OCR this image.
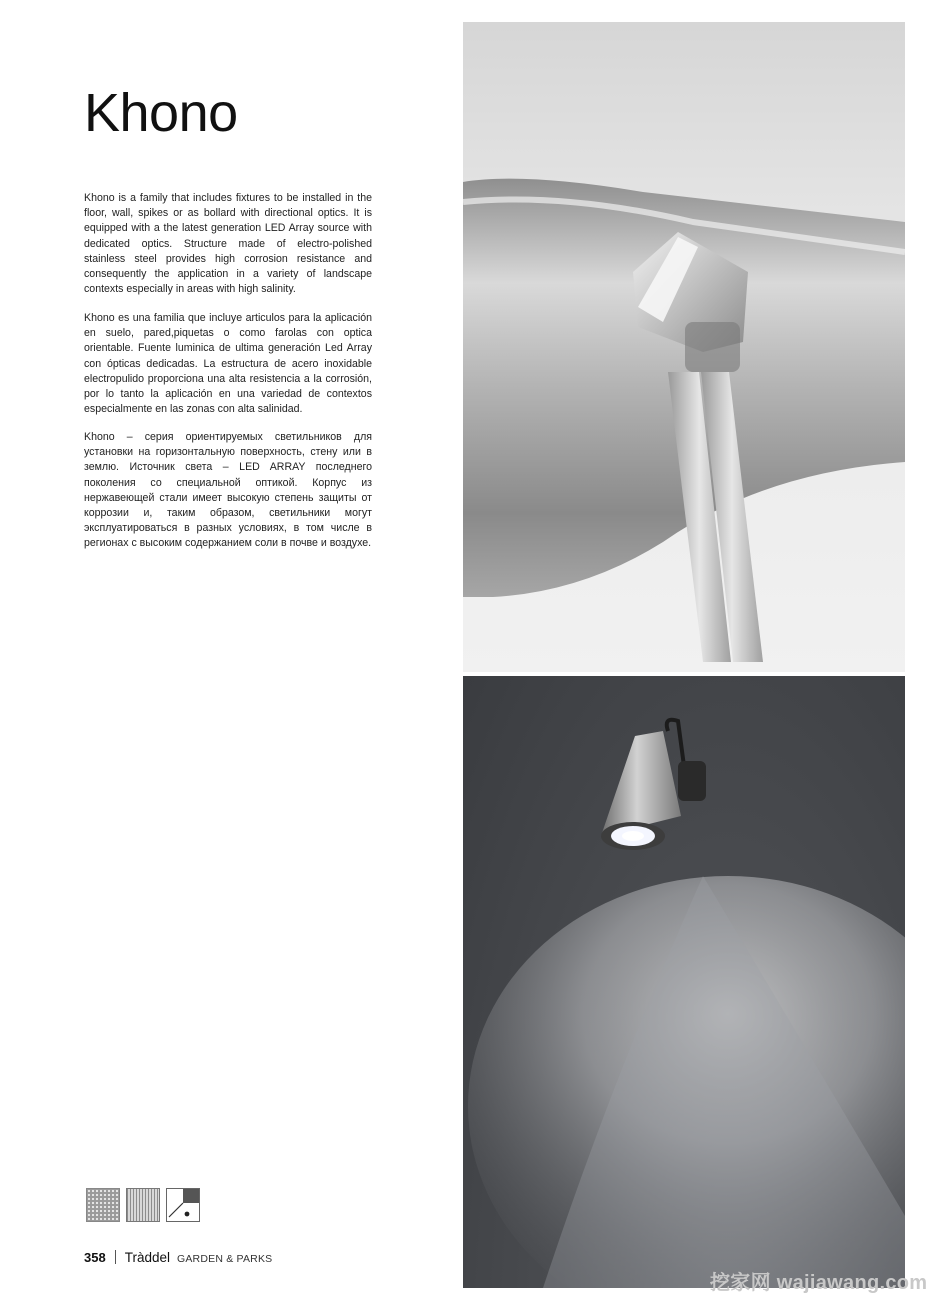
Khono

Khono is a family that includes fixtures to be installed in the floor, wall, spikes or as bollard with directional optics. It is equipped with a the latest generation LED Array source with dedicated optics. Structure made of electro-polished stainless steel provides high corrosion resistance and consequently the application in a variety of landscape contexts especially in areas with high salinity.

Khono es una familia que incluye articulos para la aplicación en suelo, pared,piquetas o como farolas con optica orientable. Fuente luminica de ultima generación Led Array con ópticas dedicadas. La estructura de acero inoxidable electropulido proporciona una alta resistencia a la corrosión, por lo tanto la aplicación en una variedad de contextos especialmente en las zonas con alta salinidad.

Khono – серия ориентируемых светильников для установки на горизонтальную поверхность, стену или в землю. Источник света – LED ARRAY последнего поколения со специальной оптикой. Корпус из нержавеющей стали имеет высокую степень защиты от коррозии и, таким образом, светильники могут эксплуатироваться в разных условиях, в том числе в регионах с высоким содержанием соли в почве и воздухе.

358 Tràddel GARDEN & PARKS
挖家网 wajiawang.com
